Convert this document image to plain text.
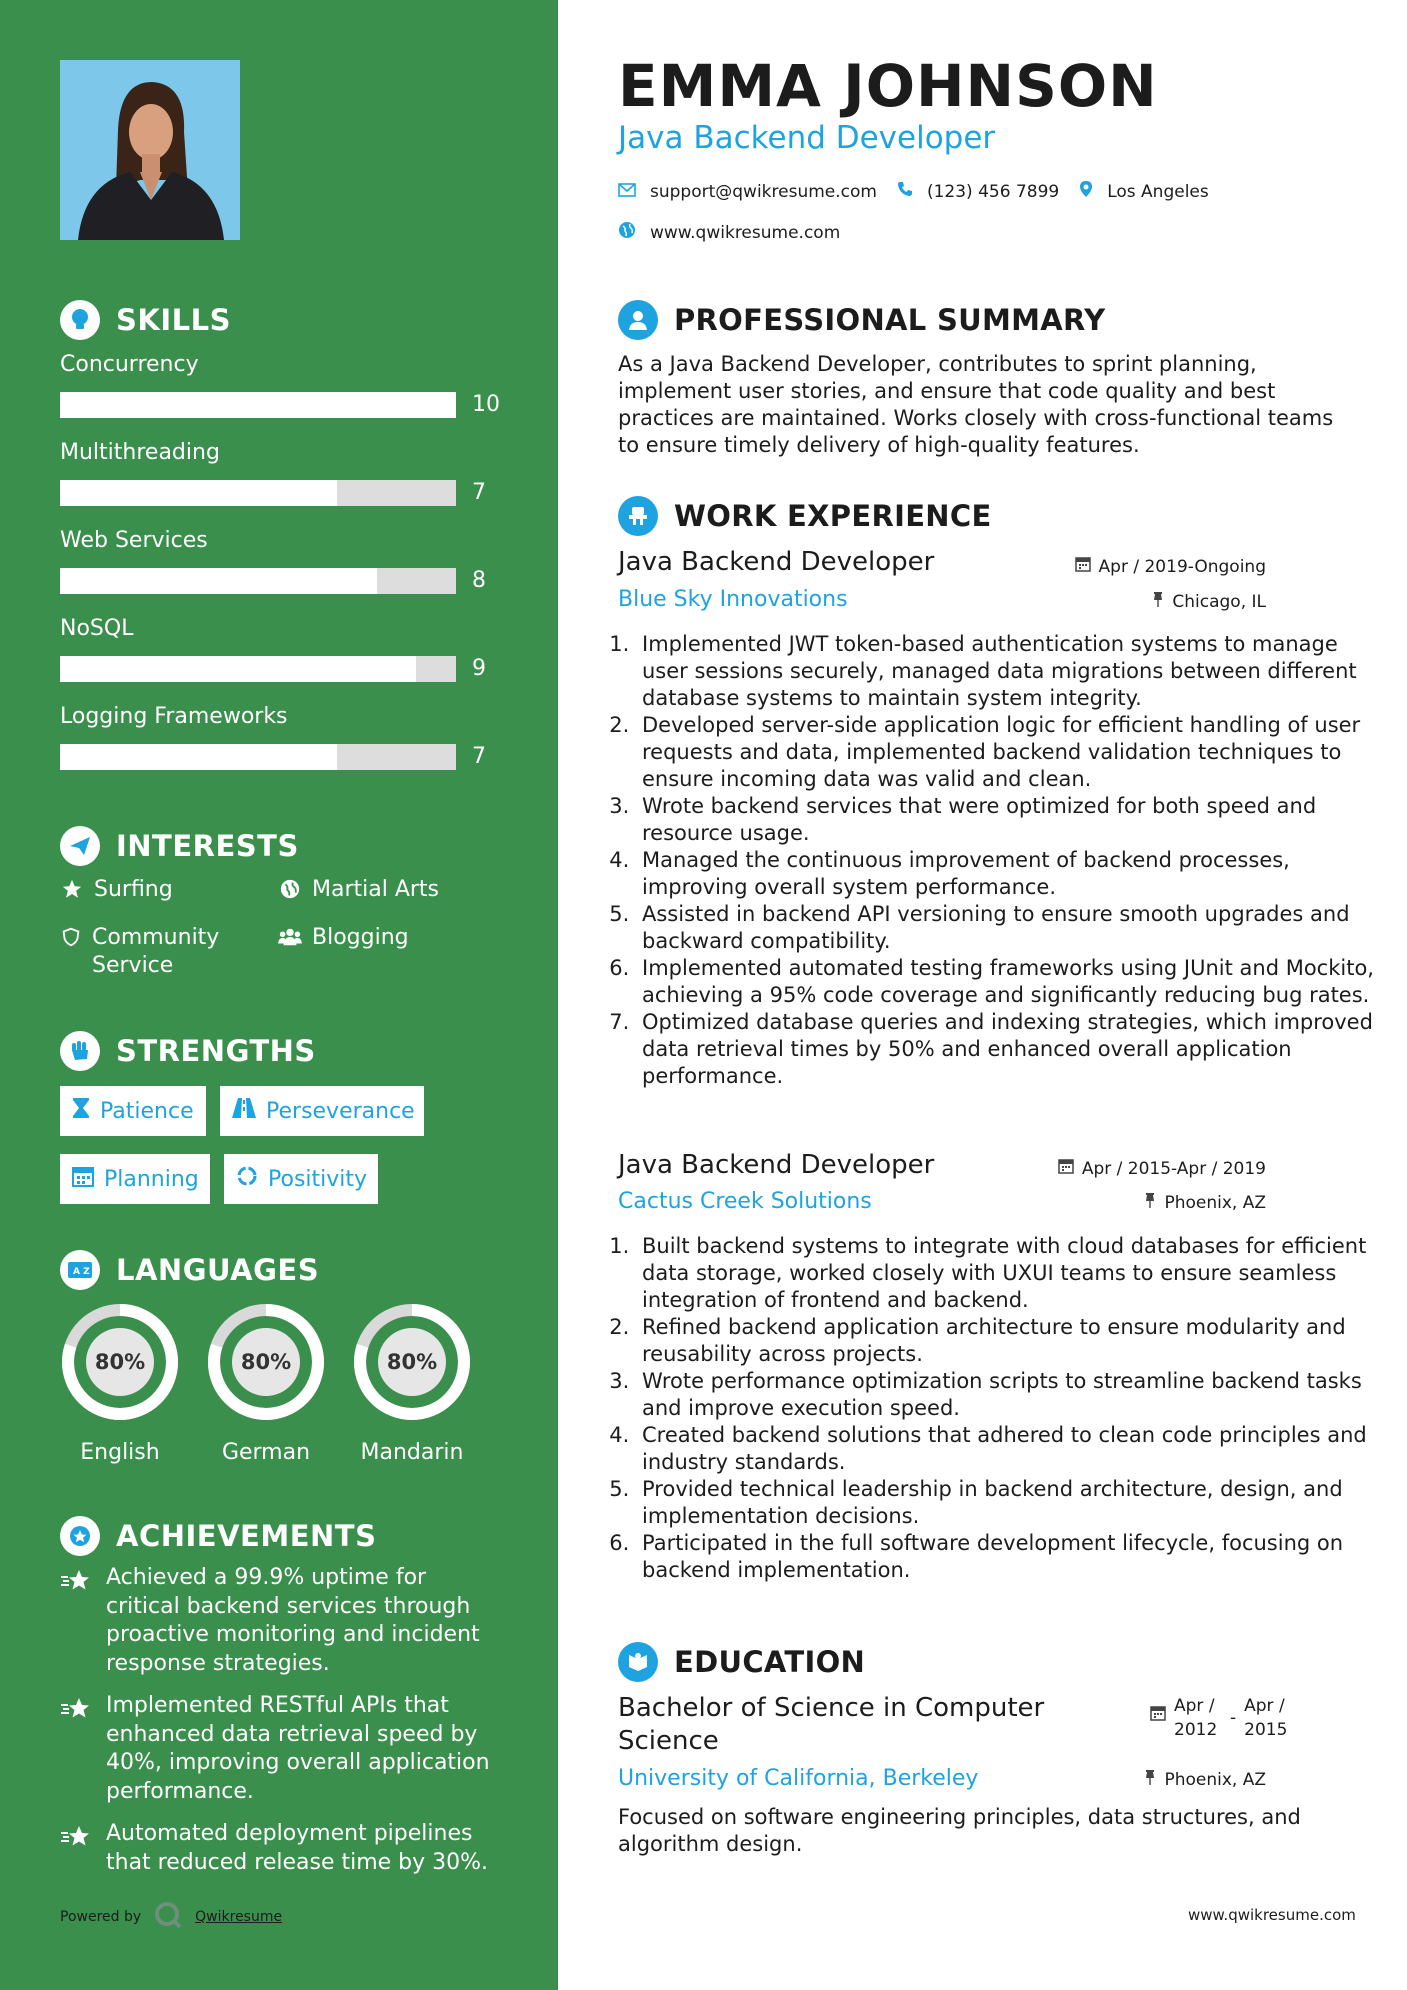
SKILLS
Concurrency
10
Multithreading
7
Web Services
8
NoSQL
9
Logging Frameworks
7
INTERESTS
Surfing	Martial Arts
Community Service
Blogging
STRENGTHS
Patience	Perseverance
Planning	Positivity
A Z LANGUAGES
80%
English
80%
German
80%
Mandarin
ACHIEVEMENTS
Achieved a 99.9% uptime for critical backend services through proactive monitoring and incident response strategies.
Implemented RESTful APIs that enhanced data retrieval speed by 40%, improving overall application performance.
Automated deployment pipelines that reduced release time by 30%.
Powered by	Qwikresume
EMMA JOHNSON
Java Backend Developer
support@qwikresume.com	(123) 456 7899	Los Angeles
www.qwikresume.com
PROFESSIONAL SUMMARY
As a Java Backend Developer, contributes to sprint planning, implement user stories, and ensure that code quality and best practices are maintained. Works closely with cross-functional teams to ensure timely delivery of high-quality features.
WORK EXPERIENCE
Java Backend Developer	Apr / 2019-Ongoing
Blue Sky Innovations	Chicago, IL
1. Implemented JWT token-based authentication systems to manage user sessions securely, managed data migrations between different database systems to maintain system integrity.
2. Developed server-side application logic for efficient handling of user requests and data, implemented backend validation techniques to ensure incoming data was valid and clean.
3. Wrote backend services that were optimized for both speed and resource usage.
4. Managed the continuous improvement of backend processes, improving overall system performance.
5. Assisted in backend API versioning to ensure smooth upgrades and backward compatibility.
6. Implemented automated testing frameworks using JUnit and Mockito, achieving a 95% code coverage and significantly reducing bug rates.
7. Optimized database queries and indexing strategies, which improved data retrieval times by 50% and enhanced overall application performance.
Java Backend Developer	Apr / 2015-Apr / 2019
Cactus Creek Solutions	Phoenix, AZ
1. Built backend systems to integrate with cloud databases for efficient data storage, worked closely with UXUI teams to ensure seamless integration of frontend and backend.
2. Refined backend application architecture to ensure modularity and reusability across projects.
3. Wrote performance optimization scripts to streamline backend tasks and improve execution speed.
4. Created backend solutions that adhered to clean code principles and industry standards.
5. Provided technical leadership in backend architecture, design, and implementation decisions.
6. Participated in the full software development lifecycle, focusing on backend implementation.
EDUCATION
Bachelor of Science in Computer Science
Apr / 2012
-
Apr / 2015
University of California, Berkeley	Phoenix, AZ
Focused on software engineering principles, data structures, and algorithm design.
www.qwikresume.com
